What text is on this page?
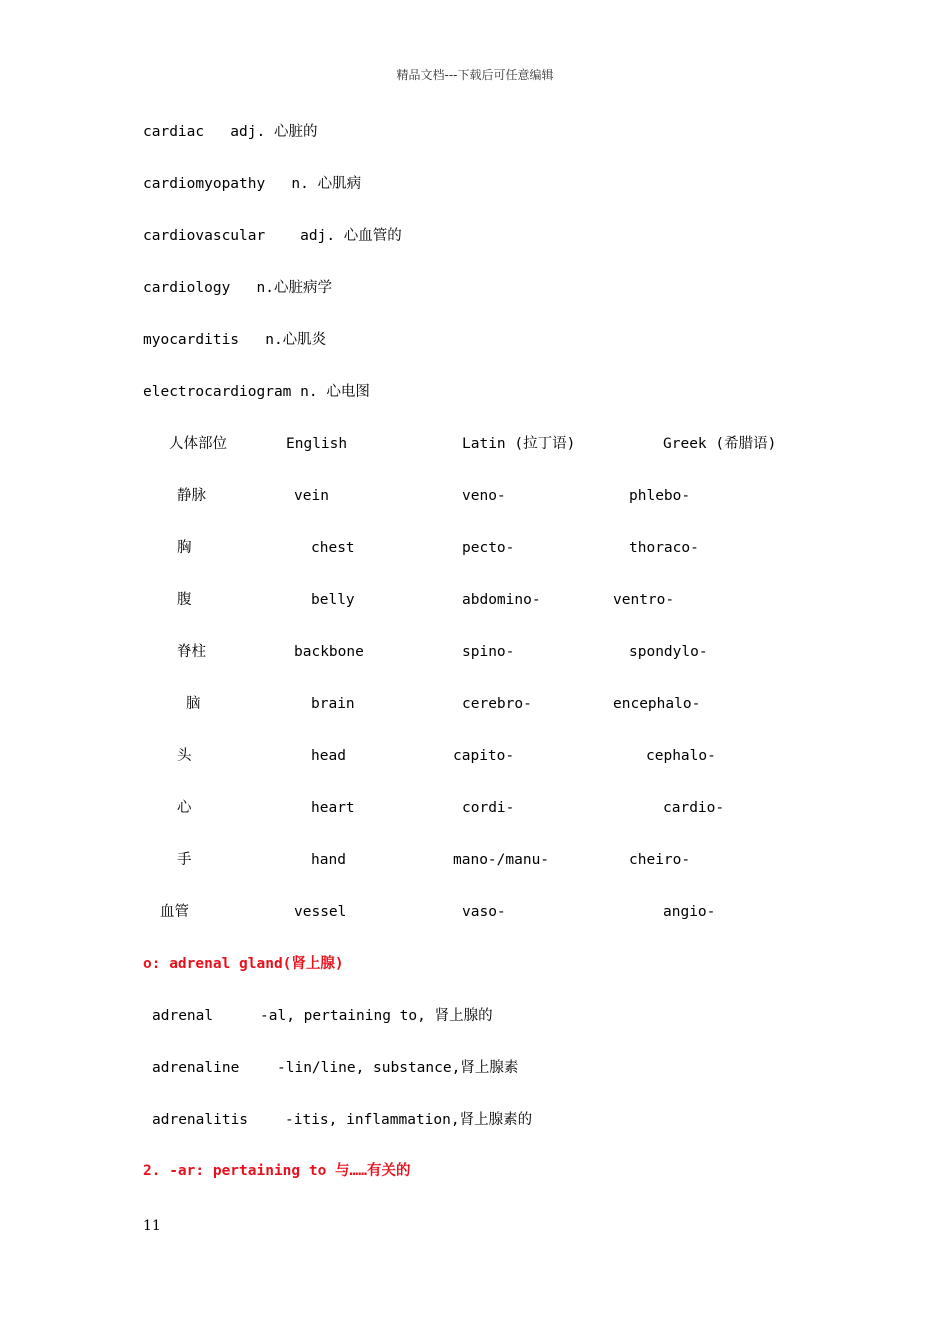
精品文档---下载后可任意编辑
cardiac   adj. 心脏的
cardiomyopathy   n. 心肌病
cardiovascular    adj. 心血管的
cardiology   n.心脏病学
myocarditis   n.心肌炎
electrocardiogram n. 心电图
人体部位	English	Latin (拉丁语)	Greek (希腊语)
静脉	vein	veno-	phlebo-
胸	chest	pecto-	thoraco-
腹	belly	abdomino-	ventro-
脊柱	backbone	spino-	spondylo-
脑	brain	cerebro-	encephalo-
头	head	capito-	cephalo-
心	heart	cordi-	cardio-
手	hand	mano-/manu-	cheiro-
血管	vessel	vaso-	angio-
o: adrenal gland(肾上腺)
adrenal	-al, pertaining to, 肾上腺的
adrenaline	-lin/line, substance,肾上腺素
adrenalitis	-itis, inflammation,肾上腺素的
2. -ar: pertaining to 与……有关的
11
